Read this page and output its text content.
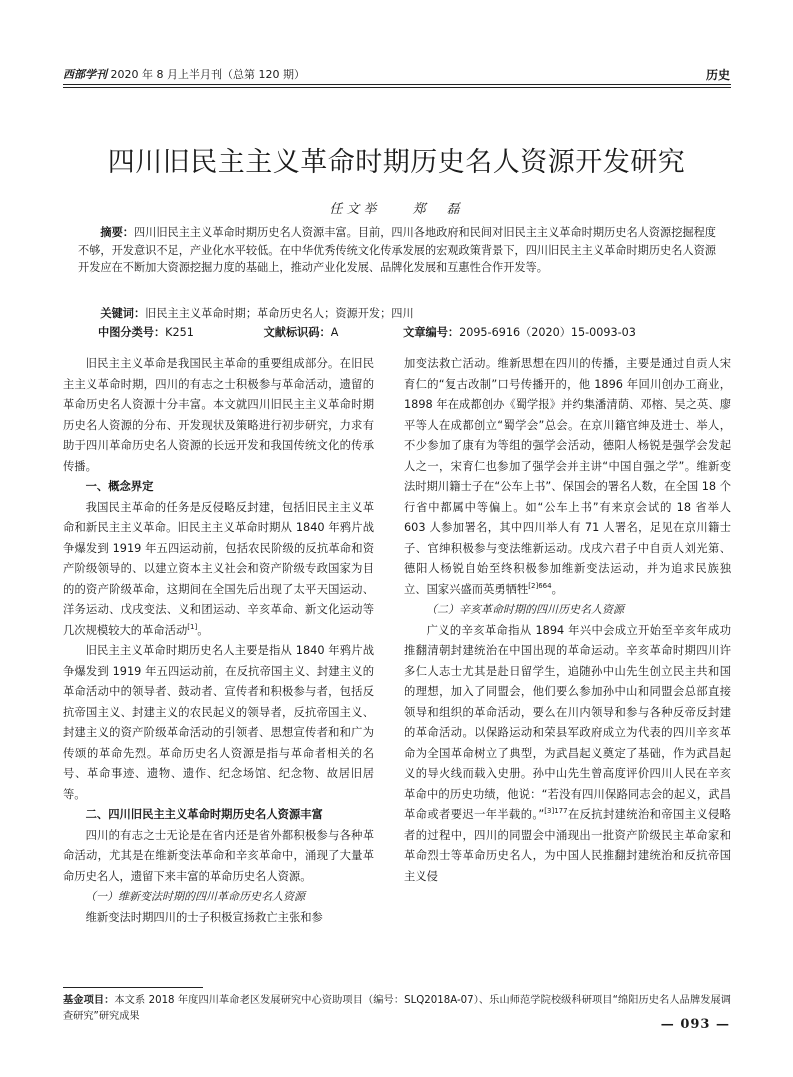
西部学刊 2020 年 8 月上半月刊（总第 120 期）	历史
四川旧民主主义革命时期历史名人资源开发研究
任文举 郑　磊
摘要：四川旧民主主义革命时期历史名人资源丰富。目前，四川各地政府和民间对旧民主主义革命时期历史名人资源挖掘程度不够，开发意识不足，产业化水平较低。在中华优秀传统文化传承发展的宏观政策背景下，四川旧民主主义革命时期历史名人资源开发应在不断加大资源挖掘力度的基础上，推动产业化发展、品牌化发展和互惠性合作开发等。
关键词：旧民主主义革命时期；革命历史名人；资源开发；四川
中图分类号：K251	文献标识码：A	文章编号：2095-6916（2020）15-0093-03

旧民主主义革命是我国民主革命的重要组成部分。在旧民主主义革命时期，四川的有志之士积极参与革命活动，遗留的革命历史名人资源十分丰富。本文就四川旧民主主义革命时期历史名人资源的分布、开发现状及策略进行初步研究，力求有助于四川革命历史名人资源的长远开发和我国传统文化的传承传播。

一、概念界定

我国民主革命的任务是反侵略反封建，包括旧民主主义革命和新民主主义革命。旧民主主义革命时期从 1840 年鸦片战争爆发到 1919 年五四运动前，包括农民阶级的反抗革命和资产阶级领导的、以建立资本主义社会和资产阶级专政国家为目的的资产阶级革命，这期间在全国先后出现了太平天国运动、洋务运动、戊戌变法、义和团运动、辛亥革命、新文化运动等几次规模较大的革命活动[1]。

旧民主主义革命时期历史名人主要是指从 1840 年鸦片战争爆发到 1919 年五四运动前，在反抗帝国主义、封建主义的革命活动中的领导者、鼓动者、宣传者和积极参与者，包括反抗帝国主义、封建主义的农民起义的领导者，反抗帝国主义、封建主义的资产阶级革命活动的引领者、思想宣传者和和广为传颂的革命先烈。革命历史名人资源是指与革命者相关的名号、革命事迹、遗物、遗作、纪念场馆、纪念物、故居旧居等。

二、四川旧民主主义革命时期历史名人资源丰富

四川的有志之士无论是在省内还是省外都积极参与各种革命活动，尤其是在维新变法革命和辛亥革命中，涌现了大量革命历史名人，遗留下来丰富的革命历史名人资源。

（一）维新变法时期的四川革命历史名人资源

维新变法时期四川的士子积极宣扬救亡主张和参

加变法救亡活动。维新思想在四川的传播，主要是通过自贡人宋育仁的“复古改制”口号传播开的，他 1896 年回川创办工商业，1898 年在成都创办《蜀学报》并约集潘清荫、邓榕、吴之英、廖平等人在成都创立“蜀学会”总会。在京川籍官绅及进士、举人，不少参加了康有为等组的强学会活动，德阳人杨锐是强学会发起人之一，宋育仁也参加了强学会并主讲“中国自强之学”。维新变法时期川籍士子在“公车上书”、保国会的署名人数，在全国 18 个行省中都属中等偏上。如“公车上书”有来京会试的 18 省举人 603 人参加署名，其中四川举人有 71 人署名，足见在京川籍士子、官绅积极参与变法维新运动。戊戌六君子中自贡人刘光第、德阳人杨锐自始至终积极参加维新变法运动，并为追求民族独立、国家兴盛而英勇牺牲$^{[2]664}$。

（二）辛亥革命时期的四川历史名人资源

广义的辛亥革命指从 1894 年兴中会成立开始至辛亥年成功推翻清朝封建统治在中国出现的革命运动。辛亥革命时期四川许多仁人志士尤其是赴日留学生，追随孙中山先生创立民主共和国的理想，加入了同盟会，他们要么参加孙中山和同盟会总部直接领导和组织的革命活动，要么在川内领导和参与各种反帝反封建的革命活动。以保路运动和荣县军政府成立为代表的四川辛亥革命为全国革命树立了典型，为武昌起义奠定了基础，作为武昌起义的导火线而载入史册。孙中山先生曾高度评价四川人民在辛亥革命中的历史功绩，他说：“若没有四川保路同志会的起义，武昌革命或者要迟一年半载的。”$^{[3]177}$在反抗封建统治和帝国主义侵略者的过程中，四川的同盟会中涌现出一批资产阶级民主革命家和革命烈士等革命历史名人，为中国人民推翻封建统治和反抗帝国主义侵

基金项目：本文系 2018 年度四川革命老区发展研究中心资助项目（编号：SLQ2018A-07）、乐山师范学院校级科研项目“绵阳历史名人品牌发展调查研究”研究成果
— 093 —
